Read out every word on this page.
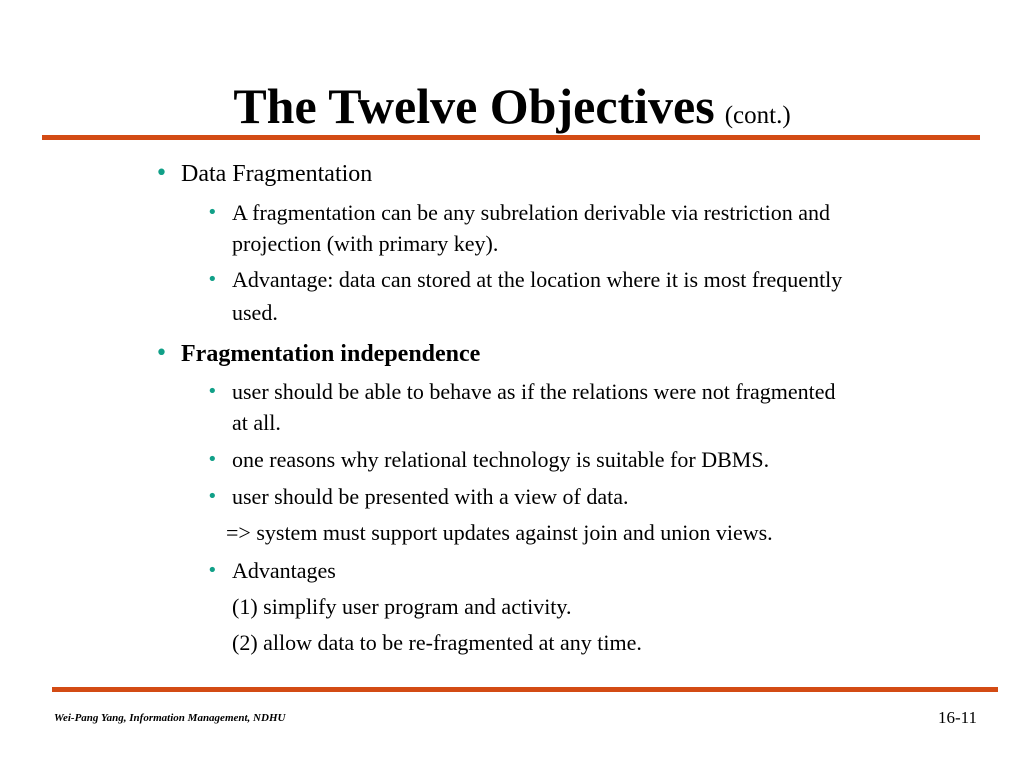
The Twelve Objectives (cont.)
• Data Fragmentation
• A fragmentation can be any subrelation derivable via restriction and
projection (with primary key).
• Advantage: data can stored at the location where it is most frequently
used.
• Fragmentation independence
• user should be able to behave as if the relations were not fragmented
at all.
• one reasons why relational technology is suitable for DBMS.
• user should be presented with a view of data.
=> system must support updates against join and union views.
• Advantages
(1) simplify user program and activity.
(2) allow data to be re-fragmented at any time.
Wei-Pang Yang, Information Management, NDHU	16-11
